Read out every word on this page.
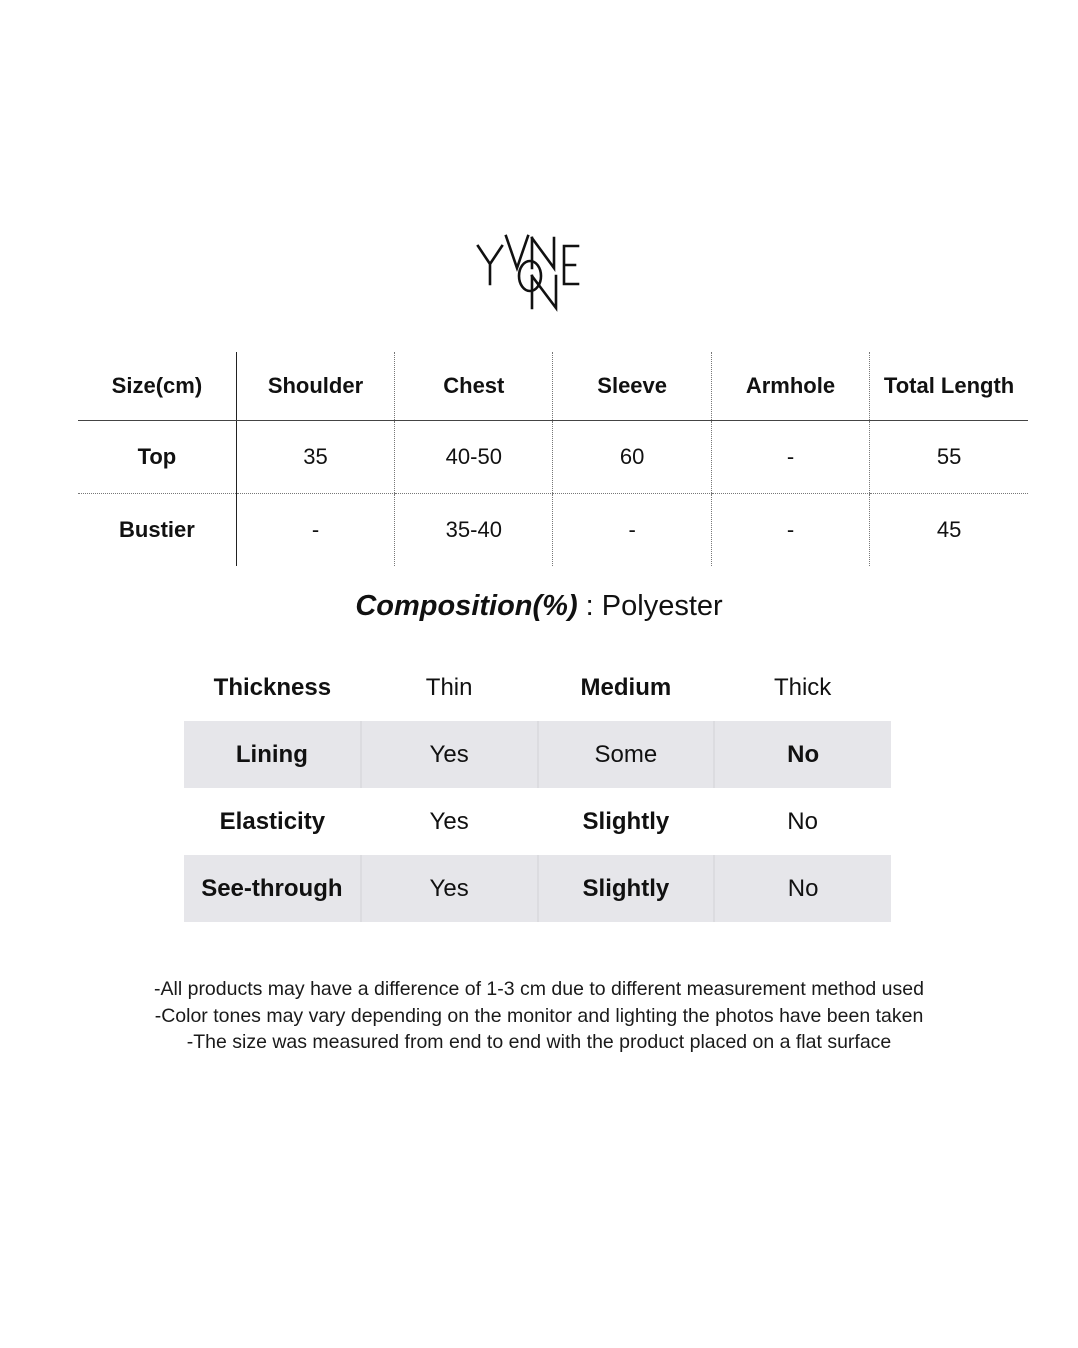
Size(cm)	Shoulder	Chest	Sleeve	Armhole	Total Length
Top	35	40-50	60	-	55
Bustier	-	35-40	-	-	45
Composition(%) : Polyester
Thickness	Thin	Medium	Thick
Lining	Yes	Some	No
Elasticity	Yes	Slightly	No
See-through	Yes	Slightly	No
-All products may have a difference of 1-3 cm due to different measurement method used
-Color tones may vary depending on the monitor and lighting the photos have been taken
-The size was measured from end to end with the product placed on a flat surface
